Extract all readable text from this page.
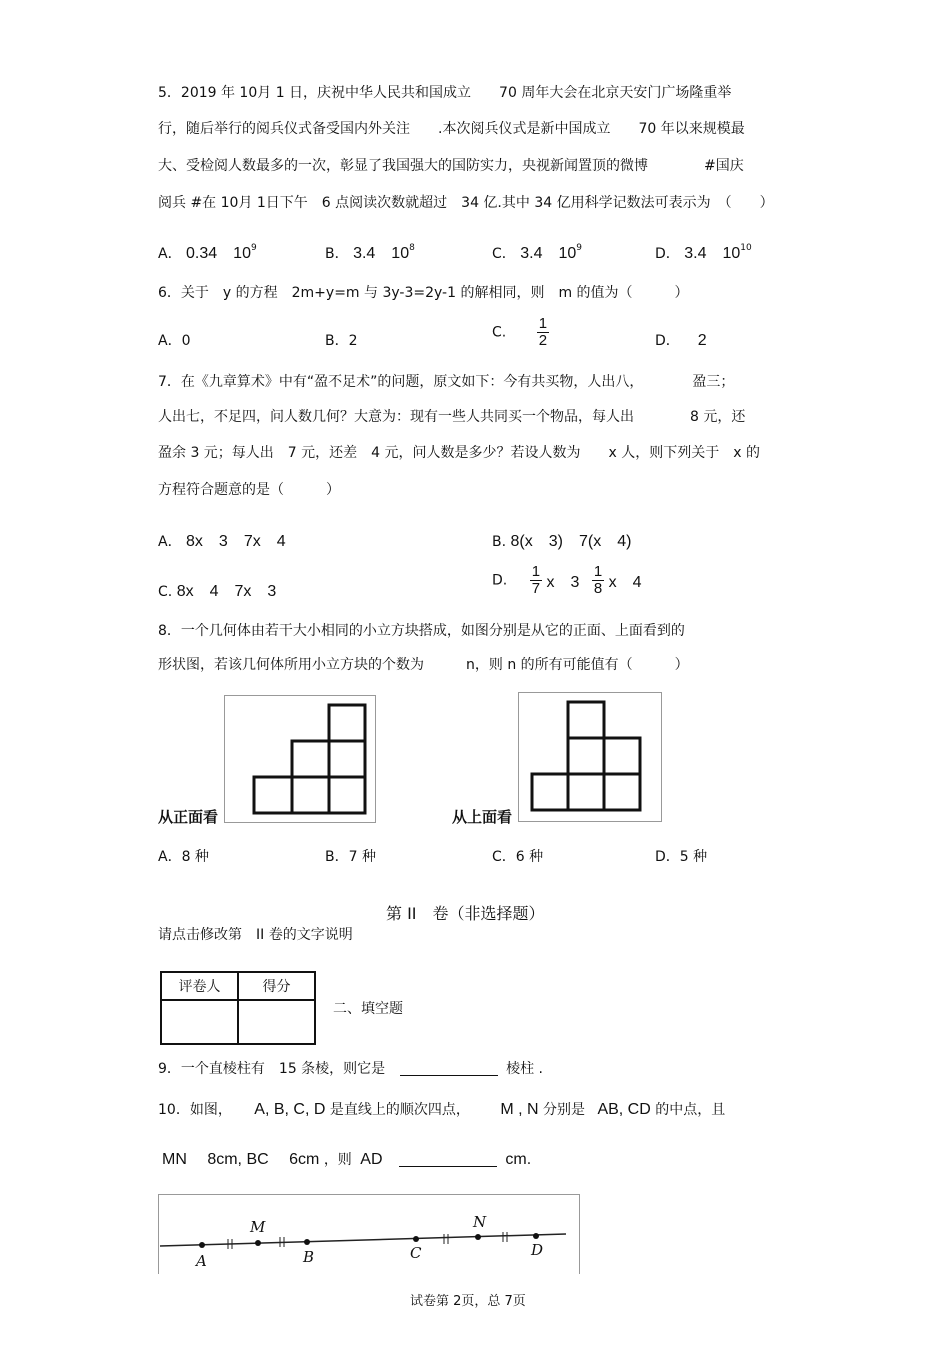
5．2019 年 10月 1 日，庆祝中华人民共和国成立　　70 周年大会在北京天安门广场隆重举
行，随后举行的阅兵仪式备受国内外关注　　.本次阅兵仪式是新中国成立　　70 年以来规模最
大、受检阅人数最多的一次，彰显了我国强大的国防实力，央视新闻置顶的微博　　　　#国庆
阅兵 #在 10月 1日下午　6 点阅读次数就超过　34 亿.其中 34 亿用科学记数法可表示为　（　　）
A． 0.34　$10^9$	B． 3.4　$10^8$	C． 3.4　$10^9$	D． 3.4　$10^{10}$
6．关于　y 的方程　2m+y=m 与 3y-3=2y-1 的解相同，则　m 的值为（　　　）
A．0	B．2
C. $\frac{1}{2}$	D． 2
7．在《九章算术》中有“盈不足术”的问题，原文如下：今有共买物，人出八，　　　　盈三；
人出七，不足四，问人数几何？大意为：现有一些人共同买一个物品，每人出　　　　8 元，还
盈余 3 元；每人出　7 元，还差　4 元，问人数是多少？若设人数为　　x 人，则下列关于　x 的
方程符合题意的是（　　　）
A． 8x　3　7x　4	B. 8(x　3)　7(x　4)
C. 8x　4　7x　3
D. $\frac{1}{7}$ x　$3 \frac{1}{8}$ x　4
8．一个几何体由若干大小相同的小立方块搭成，如图分别是从它的正面、上面看到的
形状图，若该几何体所用小立方块的个数为　　　n，则 n 的所有可能值有（　　　）
从正面看	从上面看
A．8 种	B．7 种	C．6 种	D．5 种
第 II　卷（非选择题）
请点击修改第　II 卷的文字说明
评卷人	得分

二、填空题
9．一个直棱柱有　15 条棱，则它是	棱柱 .
10．如图， A, B, C, D 是直线上的顺次四点， M , N 分别是 AB, CD 的中点，且
MN　 8cm, BC　 6cm ，则 AD	cm.
A
M
B	C
N
D
试卷第 2页，总 7页
